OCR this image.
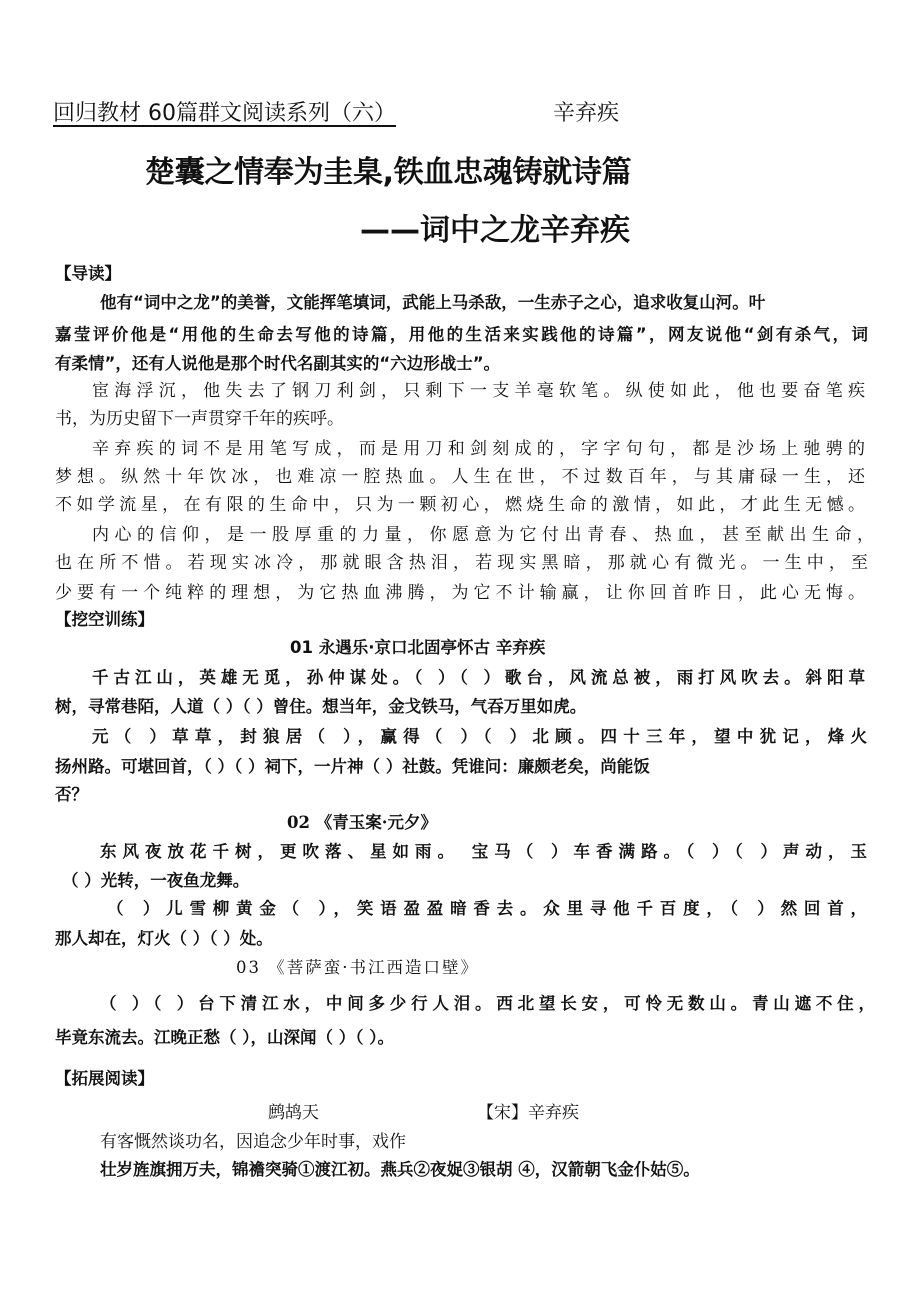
回归教材 60篇群文阅读系列（六）	辛弃疾
楚囊之情奉为圭臬,铁血忠魂铸就诗篇
——词中之龙辛弃疾
【导读】
他有“词中之龙”的美誉，文能挥笔填词，武能上马杀敌，一生赤子之心，追求收复山河。叶
嘉莹评价他是“用他的生命去写他的诗篇，用他的生活来实践他的诗篇”，网友说他“剑有杀气，词
有柔情”，还有人说他是那个时代名副其实的“六边形战士”。
宦海浮沉，他失去了钢刀利剑，只剩下一支羊毫软笔。纵使如此，他也要奋笔疾
书，为历史留下一声贯穿千年的疾呼。
辛弃疾的词不是用笔写成，而是用刀和剑刻成的，字字句句，都是沙场上驰骋的
梦想。纵然十年饮冰，也难凉一腔热血。人生在世，不过数百年，与其庸碌一生，还
不如学流星，在有限的生命中，只为一颗初心，燃烧生命的激情，如此，才此生无憾。
内心的信仰，是一股厚重的力量，你愿意为它付出青春、热血，甚至献出生命，
也在所不惜。若现实冰冷，那就眼含热泪，若现实黑暗，那就心有微光。一生中，至
少要有一个纯粹的理想，为它热血沸腾，为它不计输赢，让你回首昨日，此心无悔。
【挖空训练】
01 永遇乐·京口北固亭怀古 辛弃疾
千古江山，英雄无觅，孙仲谋处。（ ）（ ）歌台，风流总被，雨打风吹去。斜阳草
树，寻常巷陌，人道（ ）（ ）曾住。想当年，金戈铁马，气吞万里如虎。
元（ ）草草，封狼居（ ），赢得（ ）（ ）北顾。四十三年，望中犹记，烽火
扬州路。可堪回首，（ ）（ ）祠下，一片神（ ）社鼓。凭谁问：廉颇老矣，尚能饭
否？
02 《青玉案·元夕》
东风夜放花千树，更吹落、星如雨。 宝马（ ）车香满路。（ ）（ ）声动，玉
（ ）光转，一夜鱼龙舞。
（ ）儿雪柳黄金（ ），笑语盈盈暗香去。众里寻他千百度，（ ）然回首，
那人却在，灯火（ ）（ ）处。
03 《菩萨蛮·书江西造口壁》
（ ）（ ）台下清江水，中间多少行人泪。西北望长安，可怜无数山。青山遮不住，
毕竟东流去。江晚正愁（ ），山深闻（ ）（ ）。
【拓展阅读】
鹧鸪天	【宋】辛弃疾
有客慨然谈功名，因追念少年时事，戏作
壮岁旌旗拥万夫，锦襜突骑①渡江初。燕兵②夜娖③银胡 ④，汉箭朝飞金仆姑⑤。
